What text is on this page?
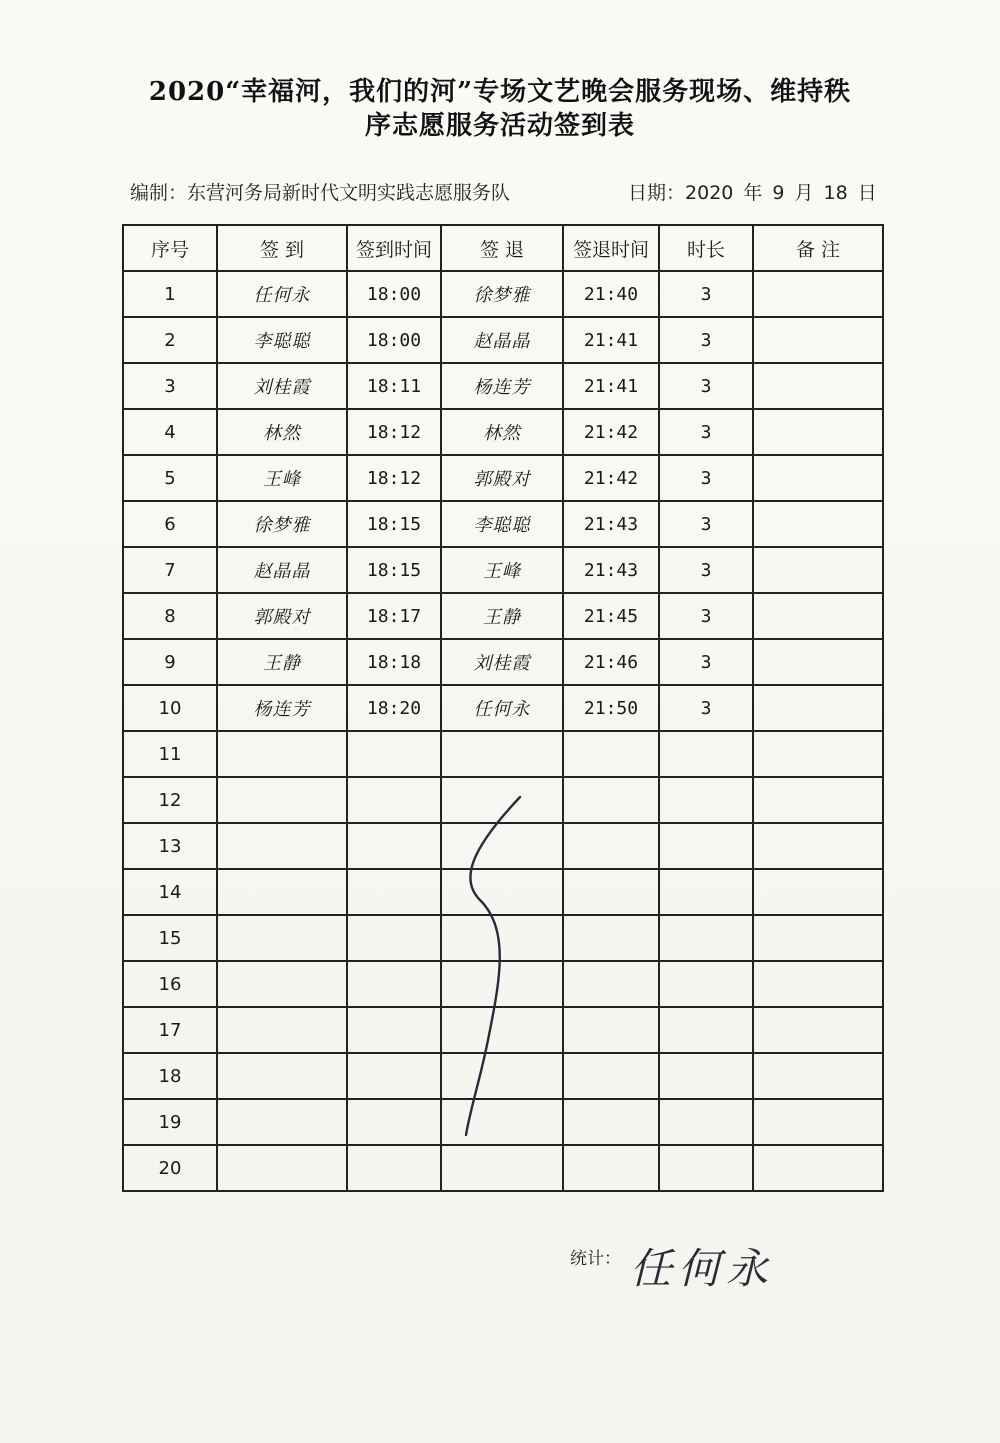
2020“幸福河，我们的河”专场文艺晚会服务现场、维持秩
序志愿服务活动签到表
编制：东营河务局新时代文明实践志愿服务队	日期：2020 年 9 月 18 日
序号	签 到	签到时间	签 退	签退时间	时长	备 注
1	任何永	18:00	徐梦雅	21:40	3	
2	李聪聪	18:00	赵晶晶	21:41	3	
3	刘桂霞	18:11	杨连芳	21:41	3	
4	林然	18:12	林然	21:42	3	
5	王峰	18:12	郭殿对	21:42	3	
6	徐梦雅	18:15	李聪聪	21:43	3	
7	赵晶晶	18:15	王峰	21:43	3	
8	郭殿对	18:17	王静	21:45	3	
9	王静	18:18	刘桂霞	21:46	3	
10	杨连芳	18:20	任何永	21:50	3	
11						
12						
13						
14						
15						
16						
17						
18						
19						
20						
统计： 任何永
